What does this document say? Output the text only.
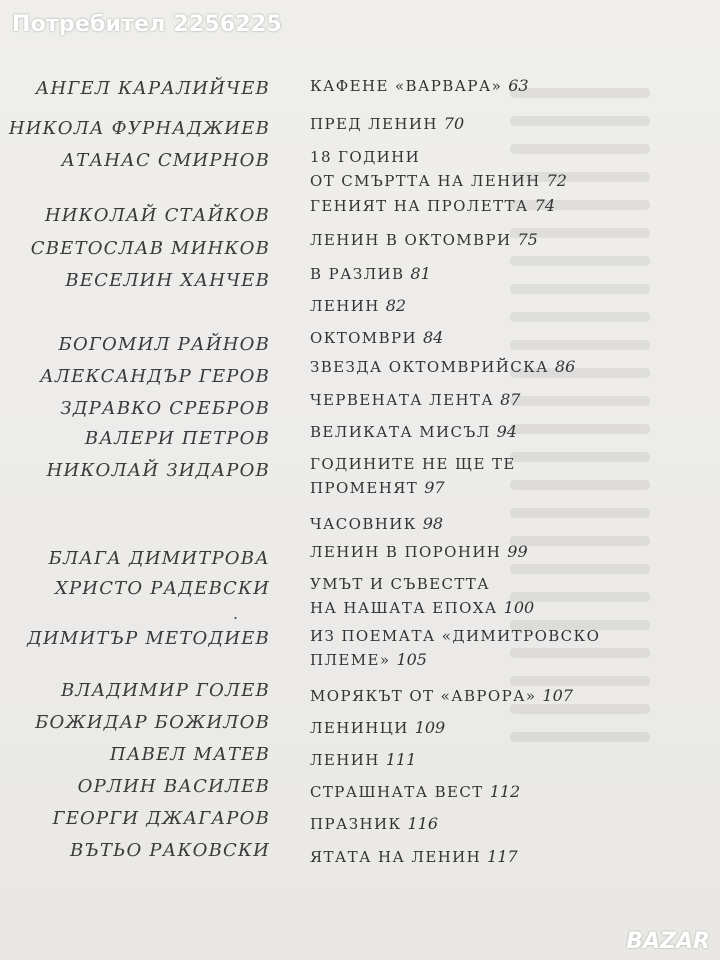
АНГЕЛ КАРАЛИЙЧЕВ	КАФЕНЕ «ВАРВАРА» 63
НИКОЛА ФУРНАДЖИЕВ	ПРЕД ЛЕНИН 70
АТАНАС СМИРНОВ	18 ГОДИНИ
ОТ СМЪРТТА НА ЛЕНИН 72
НИКОЛАЙ СТАЙКОВ	ГЕНИЯТ НА ПРОЛЕТТА 74
СВЕТОСЛАВ МИНКОВ	ЛЕНИН В ОКТОМВРИ 75
ВЕСЕЛИН ХАНЧЕВ	В РАЗЛИВ 81
ЛЕНИН 82
БОГОМИЛ РАЙНОВ	ОКТОМВРИ 84
АЛЕКСАНДЪР ГЕРОВ	ЗВЕЗДА ОКТОМВРИЙСКА 86
ЗДРАВКО СРЕБРОВ	ЧЕРВЕНАТА ЛЕНТА 87
ВАЛЕРИ ПЕТРОВ	ВЕЛИКАТА МИСЪЛ 94
НИКОЛАЙ ЗИДАРОВ	ГОДИНИТЕ НЕ ЩЕ ТЕ
ПРОМЕНЯТ 97
ЧАСОВНИК 98
БЛАГА ДИМИТРОВА	ЛЕНИН В ПОРОНИН 99
ХРИСТО РАДЕВСКИ	УМЪТ И СЪВЕСТТА
НА НАШАТА ЕПОХА 100
ДИМИТЪР МЕТОДИЕВ	ИЗ ПОЕМАТА «ДИМИТРОВСКО
ПЛЕМЕ» 105
ВЛАДИМИР ГОЛЕВ	МОРЯКЪТ ОТ «АВРОРА» 107
БОЖИДАР БОЖИЛОВ	ЛЕНИНЦИ 109
ПАВЕЛ МАТЕВ	ЛЕНИН 111
ОРЛИН ВАСИЛЕВ	СТРАШНАТА ВЕСТ 112
ГЕОРГИ ДЖАГАРОВ	ПРАЗНИК 116
ВЪТЬО РАКОВСКИ	ЯТАТА НА ЛЕНИН 117
.
Потребител 2256225
BAZAR
